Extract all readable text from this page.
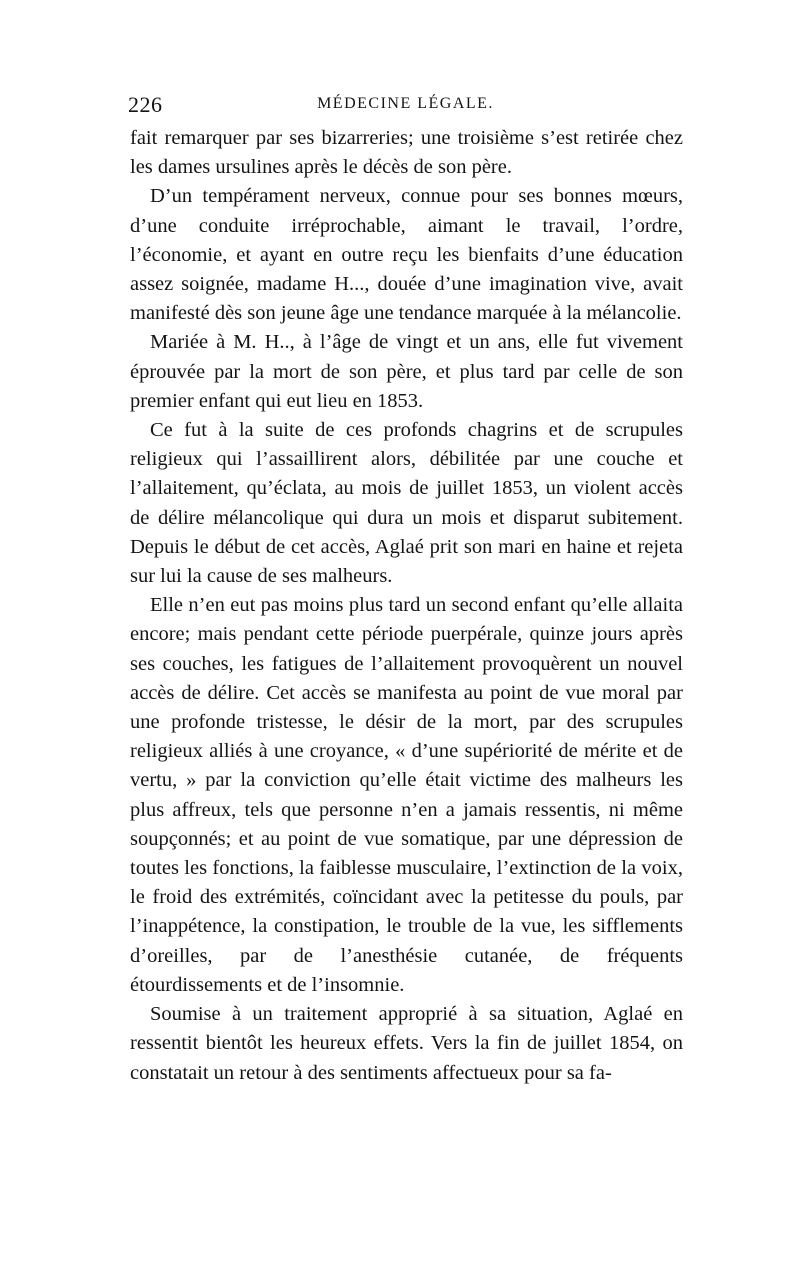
226	MÉDECINE LÉGALE.

fait remarquer par ses bizarreries; une troisième s’est retirée chez les dames ursulines après le décès de son père.

D’un tempérament nerveux, connue pour ses bonnes mœurs, d’une conduite irréprochable, aimant le travail, l’ordre, l’économie, et ayant en outre reçu les bienfaits d’une éducation assez soignée, madame H..., douée d’une imagination vive, avait manifesté dès son jeune âge une tendance marquée à la mélancolie.

Mariée à M. H.., à l’âge de vingt et un ans, elle fut vivement éprouvée par la mort de son père, et plus tard par celle de son premier enfant qui eut lieu en 1853.

Ce fut à la suite de ces profonds chagrins et de scrupules religieux qui l’assaillirent alors, débilitée par une couche et l’allaitement, qu’éclata, au mois de juillet 1853, un violent accès de délire mélancolique qui dura un mois et disparut subitement. Depuis le début de cet accès, Aglaé prit son mari en haine et rejeta sur lui la cause de ses malheurs.

Elle n’en eut pas moins plus tard un second enfant qu’elle allaita encore; mais pendant cette période puerpérale, quinze jours après ses couches, les fatigues de l’allaitement provoquèrent un nouvel accès de délire. Cet accès se manifesta au point de vue moral par une profonde tristesse, le désir de la mort, par des scrupules religieux alliés à une croyance, « d’une supériorité de mérite et de vertu, » par la conviction qu’elle était victime des malheurs les plus affreux, tels que personne n’en a jamais ressentis, ni même soupçonnés; et au point de vue somatique, par une dépression de toutes les fonctions, la faiblesse musculaire, l’extinction de la voix, le froid des extrémités, coïncidant avec la petitesse du pouls, par l’inappétence, la constipation, le trouble de la vue, les sifflements d’oreilles, par de l’anesthésie cutanée, de fréquents étourdissements et de l’insomnie.

Soumise à un traitement approprié à sa situation, Aglaé en ressentit bientôt les heureux effets. Vers la fin de juillet 1854, on constatait un retour à des sentiments affectueux pour sa fa-
